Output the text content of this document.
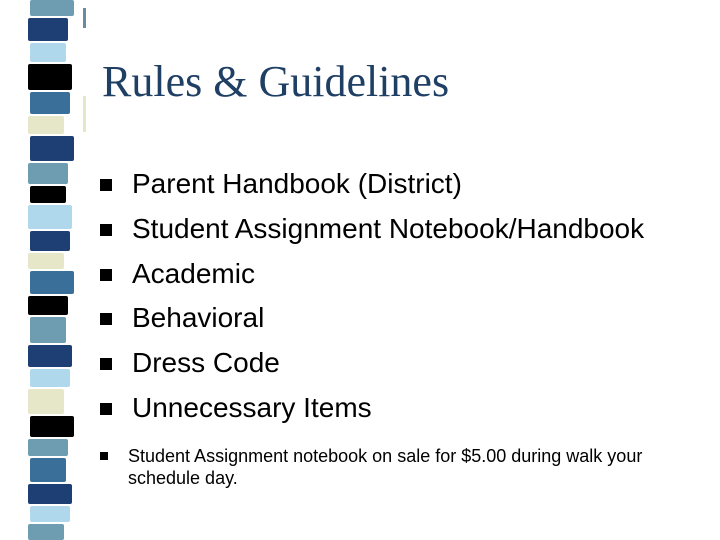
Rules & Guidelines
Parent Handbook (District)
Student Assignment Notebook/Handbook
Academic
Behavioral
Dress Code
Unnecessary Items
Student Assignment notebook on sale for $5.00 during walk your schedule day.
